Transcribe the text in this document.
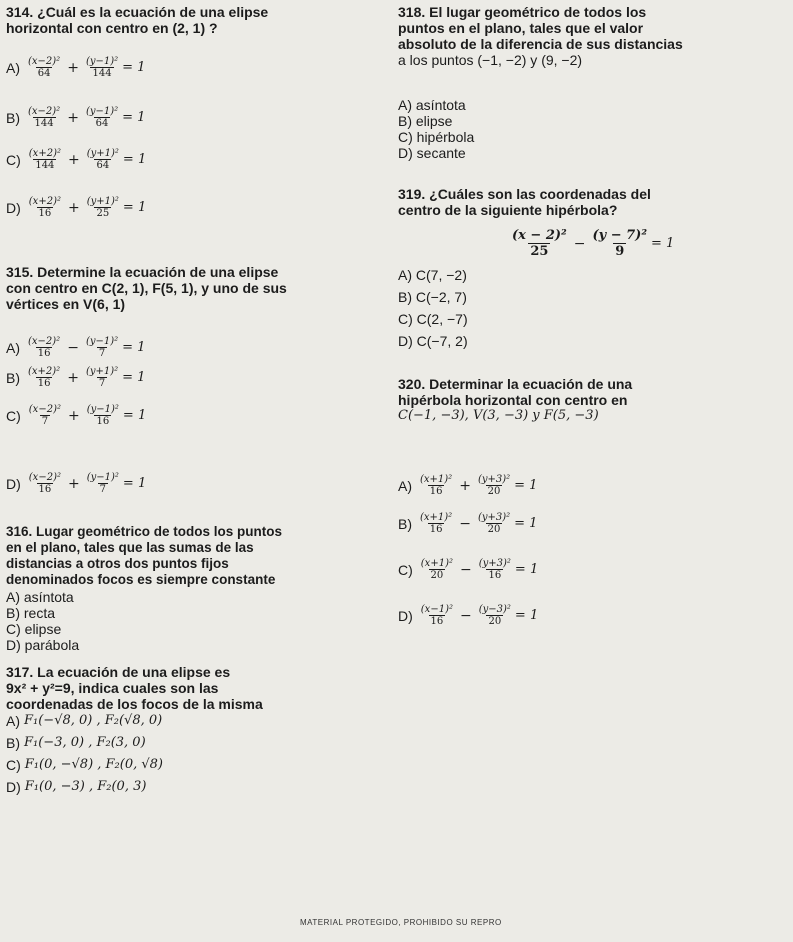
314. ¿Cuál es la ecuación de una elipse
horizontal con centro en (2, 1) ?
$A) \frac{\text{(x−2)²}}{64} + \frac{\text{(y−1)²}}{144} = 1$
$B) \frac{\text{(x−2)²}}{144} + \frac{\text{(y−1)²}}{64} = 1$
$C) \frac{\text{(x+2)²}}{144} + \frac{\text{(y+1)²}}{64} = 1$
$D) \frac{\text{(x+2)²}}{16} + \frac{\text{(y+1)²}}{25} = 1$
315. Determine la ecuación de una elipse
con centro en C(2, 1), F(5, 1), y uno de sus
vértices en V(6, 1)
$A) \frac{\text{(x−2)²}}{16} - \frac{\text{(y−1)²}}{7} = 1$
$B) \frac{\text{(x+2)²}}{16} + \frac{\text{(y+1)²}}{7} = 1$
$C) \frac{\text{(x−2)²}}{7} + \frac{\text{(y−1)²}}{16} = 1$
$D) \frac{\text{(x−2)²}}{16} + \frac{\text{(y−1)²}}{7} = 1$
316. Lugar geométrico de todos los puntos
en el plano, tales que las sumas de las
distancias a otros dos puntos fijos
denominados focos es siempre constante
A) asíntota
B) recta
C) elipse
D) parábola
317. La ecuación de una elipse es
9x² + y²=9, indica cuales son las
coordenadas de los focos de la misma
A) F₁(−√8, 0) , F₂(√8, 0)
B) F₁(−3, 0) , F₂(3, 0)
C) F₁(0, −√8) , F₂(0, √8)
D) F₁(0, −3) , F₂(0, 3)
318. El lugar geométrico de todos los
puntos en el plano, tales que el valor
absoluto de la diferencia de sus distancias
a los puntos (−1, −2) y (9, −2)
A) asíntota
B) elipse
C) hipérbola
D) secante
319. ¿Cuáles son las coordenadas del
centro de la siguiente hipérbola?
$\frac{\text{(x − 2)²}}{25} - \frac{\text{(y − 7)²}}{9} = 1$
A) C(7, −2)
B) C(−2, 7)
C) C(2, −7)
D) C(−7, 2)
320. Determinar la ecuación de una
hipérbola horizontal con centro en
C(−1, −3), V(3, −3) y F(5, −3)
$A) \frac{\text{(x+1)²}}{16} + \frac{\text{(y+3)²}}{20} = 1$
$B) \frac{\text{(x+1)²}}{16} - \frac{\text{(y+3)²}}{20} = 1$
$C) \frac{\text{(x+1)²}}{20} - \frac{\text{(y+3)²}}{16} = 1$
$D) \frac{\text{(x−1)²}}{16} - \frac{\text{(y−3)²}}{20} = 1$
MATERIAL PROTEGIDO, PROHIBIDO SU REPRO
